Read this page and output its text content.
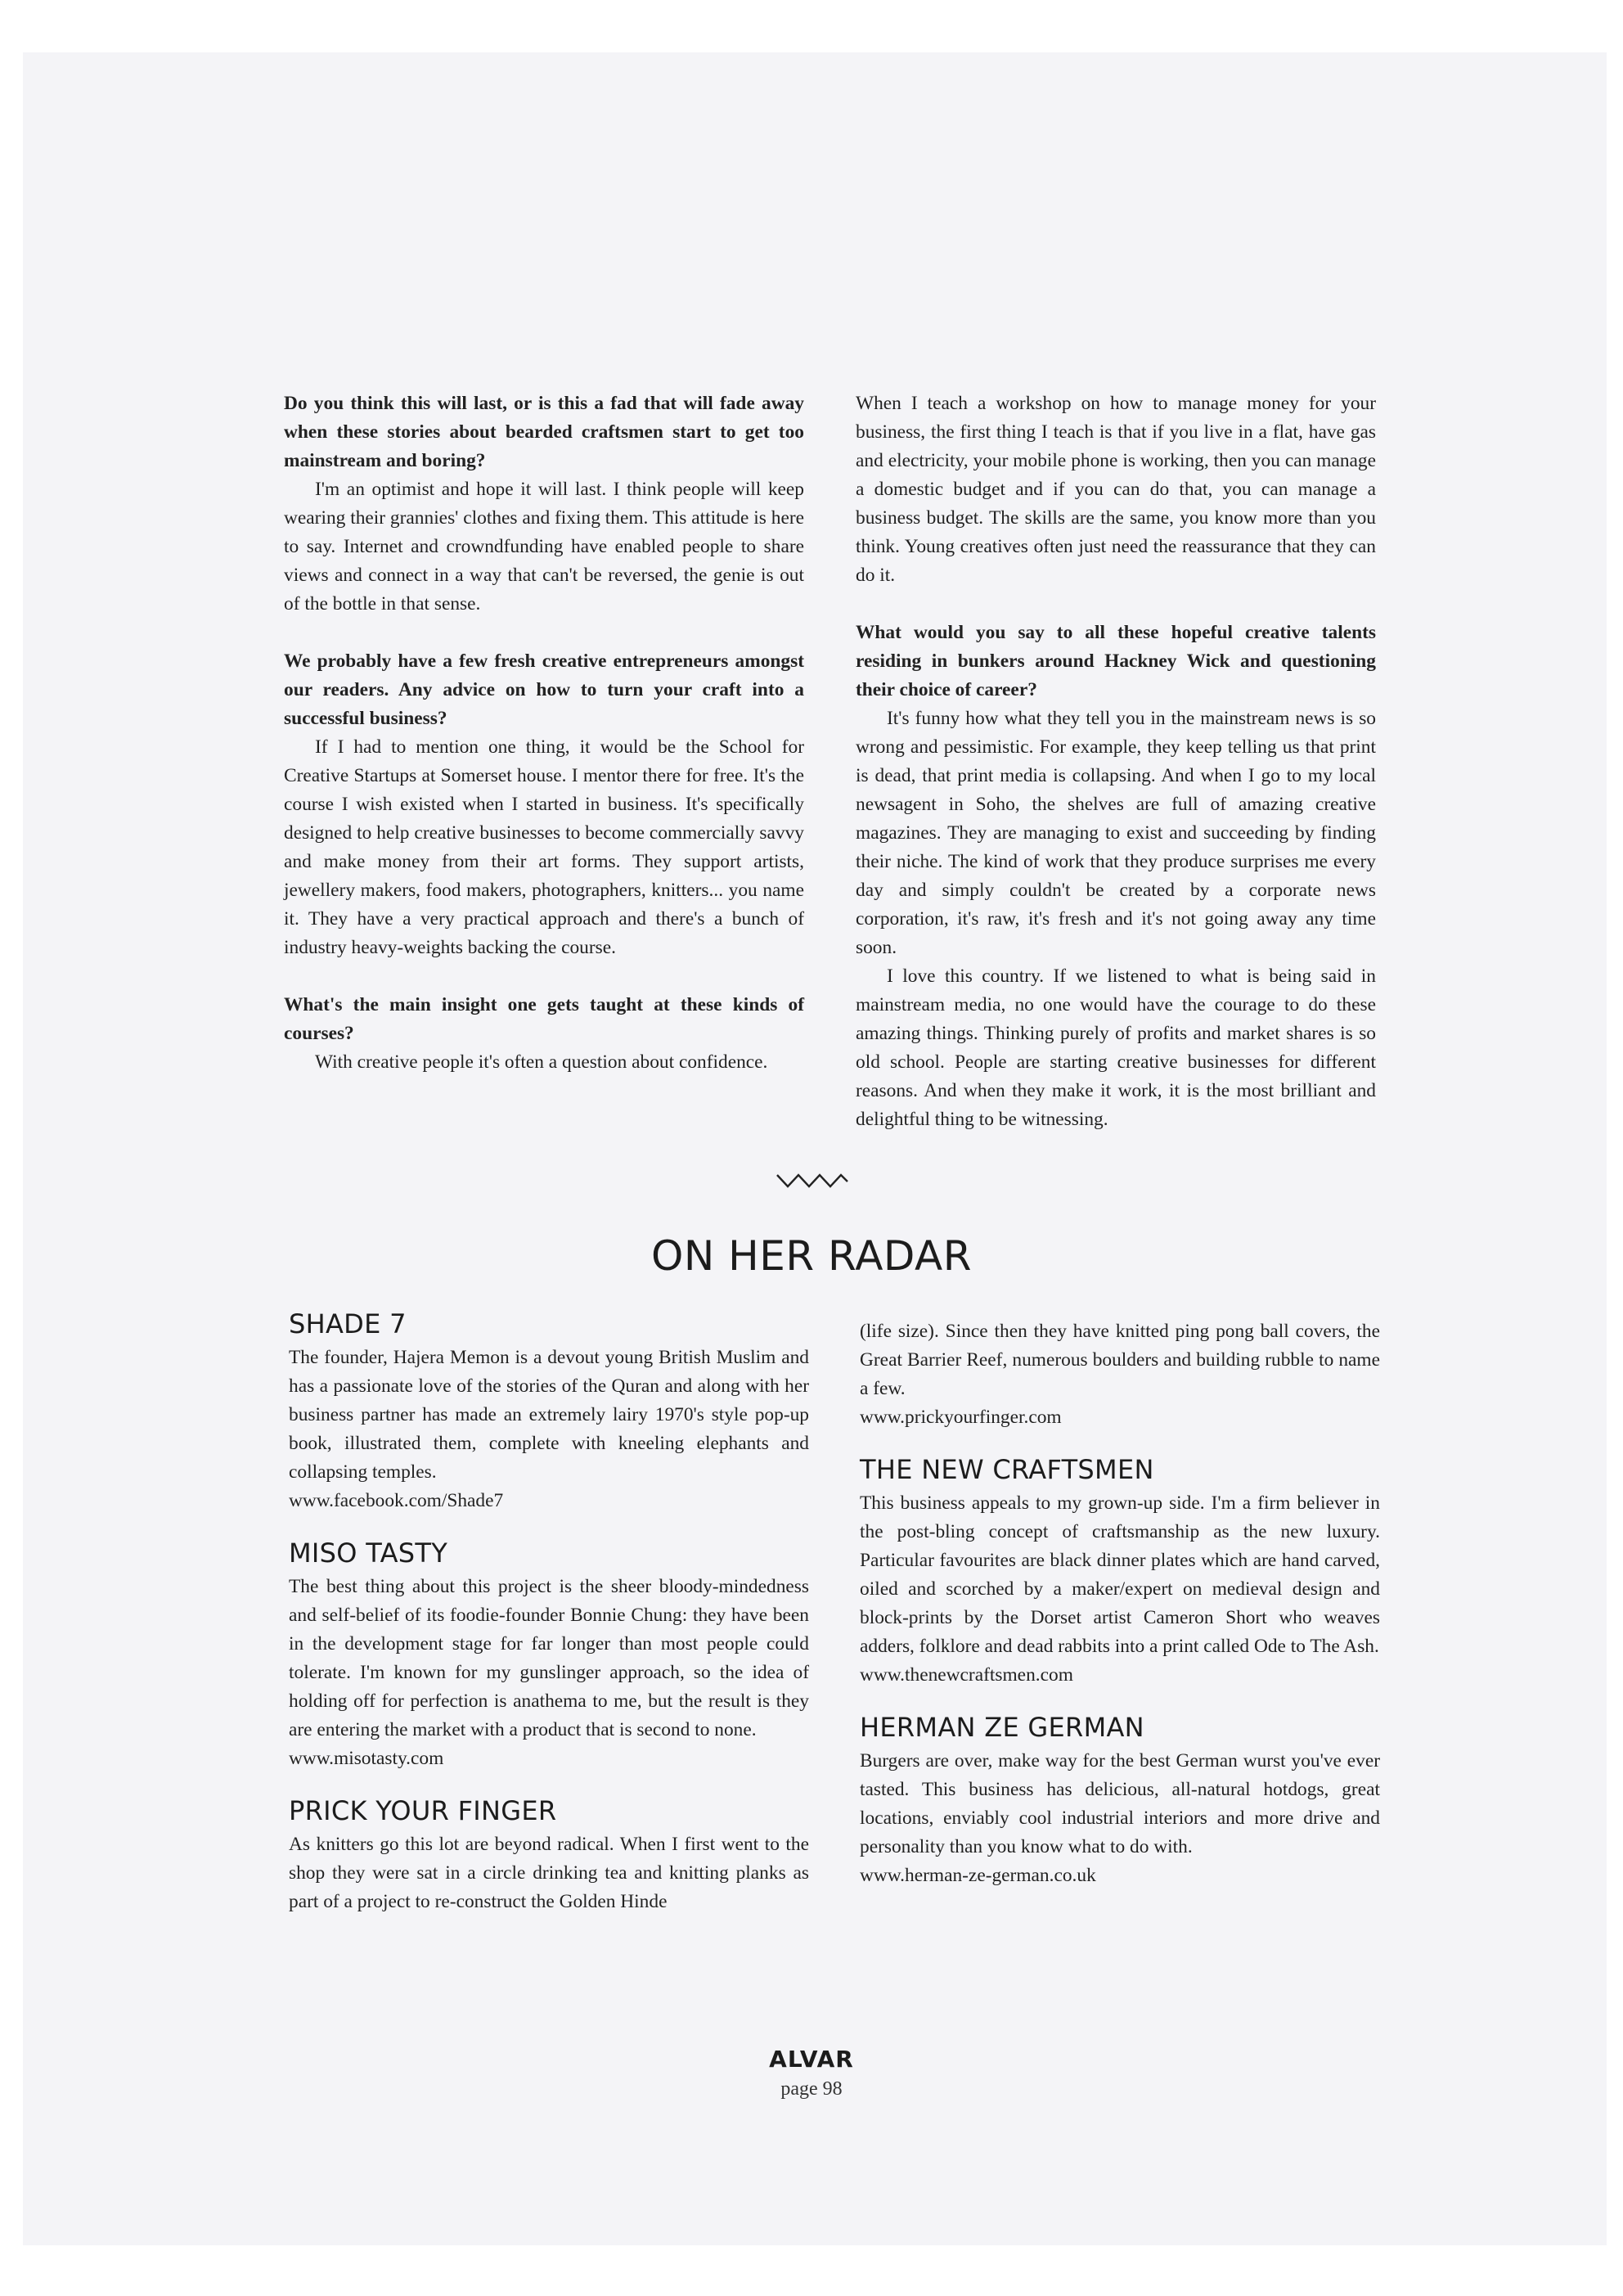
Do you think this will last, or is this a fad that will fade away when these stories about bearded craftsmen start to get too mainstream and boring?

I'm an optimist and hope it will last. I think people will keep wearing their grannies' clothes and fixing them. This attitude is here to say. Internet and crowndfunding have enabled people to share views and connect in a way that can't be reversed, the genie is out of the bottle in that sense.

We probably have a few fresh creative entrepreneurs amongst our readers. Any advice on how to turn your craft into a successful business?

If I had to mention one thing, it would be the School for Creative Startups at Somerset house. I mentor there for free. It's the course I wish existed when I started in business. It's specifically designed to help creative businesses to become commercially savvy and make money from their art forms. They support artists, jewellery makers, food makers, photographers, knitters... you name it. They have a very practical approach and there's a bunch of industry heavy-weights backing the course.

What's the main insight one gets taught at these kinds of courses?

With creative people it's often a question about confidence.

When I teach a workshop on how to manage money for your business, the first thing I teach is that if you live in a flat, have gas and electricity, your mobile phone is working, then you can manage a domestic budget and if you can do that, you can manage a business budget. The skills are the same, you know more than you think. Young creatives often just need the reassurance that they can do it.

What would you say to all these hopeful creative talents residing in bunkers around Hackney Wick and questioning their choice of career?

It's funny how what they tell you in the mainstream news is so wrong and pessimistic. For example, they keep telling us that print is dead, that print media is collapsing. And when I go to my local newsagent in Soho, the shelves are full of amazing creative magazines. They are managing to exist and succeeding by finding their niche. The kind of work that they produce surprises me every day and simply couldn't be created by a corporate news corporation, it's raw, it's fresh and it's not going away any time soon.

I love this country. If we listened to what is being said in mainstream media, no one would have the courage to do these amazing things. Thinking purely of profits and market shares is so old school. People are starting creative businesses for different reasons. And when they make it work, it is the most brilliant and delightful thing to be witnessing.

ON HER RADAR
SHADE 7

The founder, Hajera Memon is a devout young British Muslim and has a passionate love of the stories of the Quran and along with her business partner has made an extremely lairy 1970's style pop-up book, illustrated them, complete with kneeling elephants and collapsing temples.

www.facebook.com/Shade7

MISO TASTY

The best thing about this project is the sheer bloody-mindedness and self-belief of its foodie-founder Bonnie Chung: they have been in the development stage for far longer than most people could tolerate. I'm known for my gunslinger approach, so the idea of holding off for perfection is anathema to me, but the result is they are entering the market with a product that is second to none.

www.misotasty.com

PRICK YOUR FINGER

As knitters go this lot are beyond radical. When I first went to the shop they were sat in a circle drinking tea and knitting planks as part of a project to re-construct the Golden Hinde

(life size). Since then they have knitted ping pong ball covers, the Great Barrier Reef, numerous boulders and building rubble to name a few.

www.prickyourfinger.com

THE NEW CRAFTSMEN

This business appeals to my grown-up side. I'm a firm believer in the post-bling concept of craftsmanship as the new luxury. Particular favourites are black dinner plates which are hand carved, oiled and scorched by a maker/expert on medieval design and block-prints by the Dorset artist Cameron Short who weaves adders, folklore and dead rabbits into a print called Ode to The Ash.

www.thenewcraftsmen.com

HERMAN ZE GERMAN

Burgers are over, make way for the best German wurst you've ever tasted. This business has delicious, all-natural hotdogs, great locations, enviably cool industrial interiors and more drive and personality than you know what to do with.

www.herman-ze-german.co.uk

ALVAR
page 98
